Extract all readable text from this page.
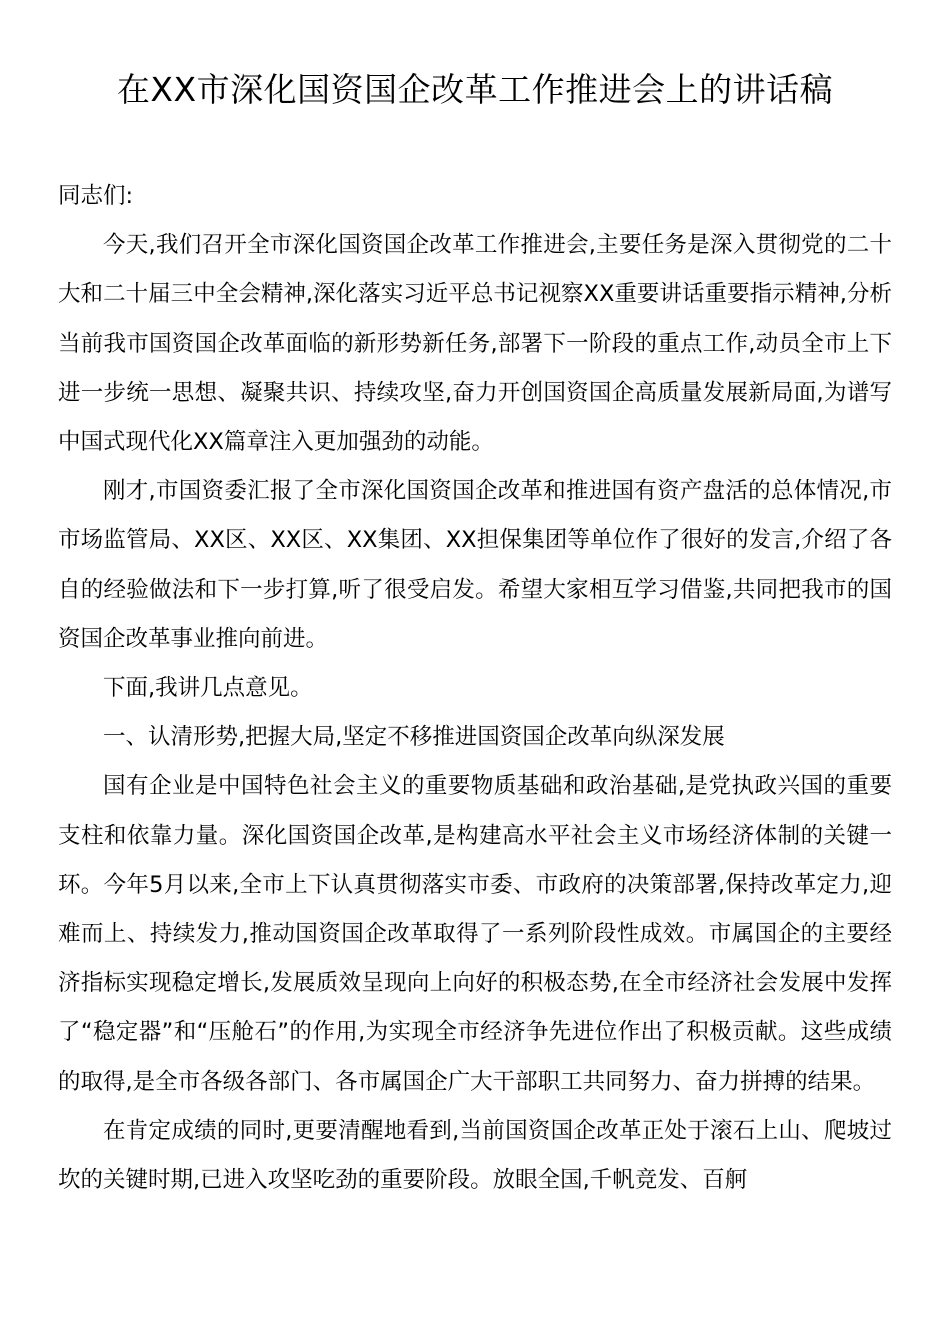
在XX市深化国资国企改革工作推进会上的讲话稿

同志们:

今天,我们召开全市深化国资国企改革工作推进会,主要任务是深入贯彻党的二十大和二十届三中全会精神,深化落实习近平总书记视察XX重要讲话重要指示精神,分析当前我市国资国企改革面临的新形势新任务,部署下一阶段的重点工作,动员全市上下进一步统一思想、凝聚共识、持续攻坚,奋力开创国资国企高质量发展新局面,为谱写中国式现代化XX篇章注入更加强劲的动能。

刚才,市国资委汇报了全市深化国资国企改革和推进国有资产盘活的总体情况,市市场监管局、XX区、XX区、XX集团、XX担保集团等单位作了很好的发言,介绍了各自的经验做法和下一步打算,听了很受启发。希望大家相互学习借鉴,共同把我市的国资国企改革事业推向前进。

下面,我讲几点意见。

一、认清形势,把握大局,坚定不移推进国资国企改革向纵深发展

国有企业是中国特色社会主义的重要物质基础和政治基础,是党执政兴国的重要支柱和依靠力量。深化国资国企改革,是构建高水平社会主义市场经济体制的关键一环。今年5月以来,全市上下认真贯彻落实市委、市政府的决策部署,保持改革定力,迎难而上、持续发力,推动国资国企改革取得了一系列阶段性成效。市属国企的主要经济指标实现稳定增长,发展质效呈现向上向好的积极态势,在全市经济社会发展中发挥了“稳定器”和“压舱石”的作用,为实现全市经济争先进位作出了积极贡献。这些成绩的取得,是全市各级各部门、各市属国企广大干部职工共同努力、奋力拼搏的结果。

在肯定成绩的同时,更要清醒地看到,当前国资国企改革正处于滚石上山、爬坡过坎的关键时期,已进入攻坚吃劲的重要阶段。放眼全国,千帆竞发、百舸
